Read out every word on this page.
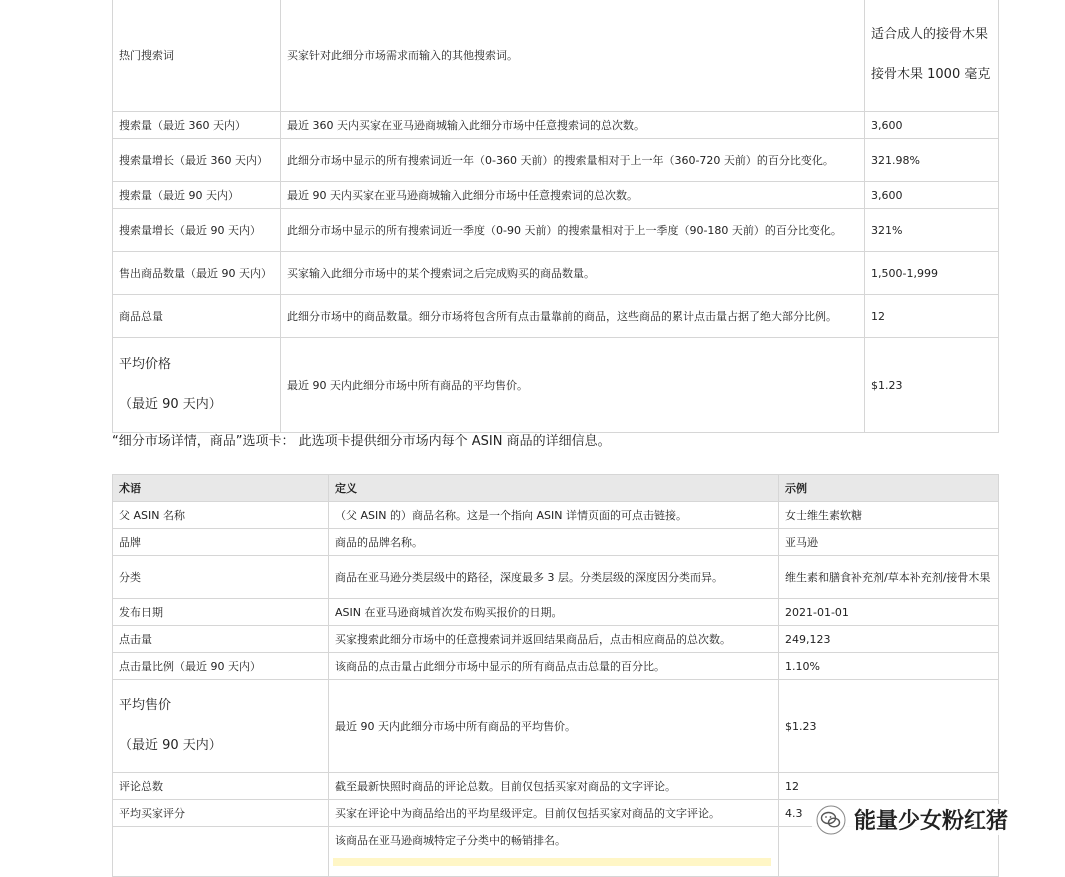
热门搜索词	买家针对此细分市场需求而输入的其他搜索词。	适合成人的接骨木果
接骨木果 1000 毫克

搜索量（最近 360 天内）	最近 360 天内买家在亚马逊商城输入此细分市场中任意搜索词的总次数。	3,600
搜索量增长（最近 360 天内）	此细分市场中显示的所有搜索词近一年（0-360 天前）的搜索量相对于上一年（360-720 天前）的百分比变化。	321.98%
搜索量（最近 90 天内）	最近 90 天内买家在亚马逊商城输入此细分市场中任意搜索词的总次数。	3,600
搜索量增长（最近 90 天内）	此细分市场中显示的所有搜索词近一季度（0-90 天前）的搜索量相对于上一季度（90-180 天前）的百分比变化。	321%
售出商品数量（最近 90 天内）	买家输入此细分市场中的某个搜索词之后完成购买的商品数量。	1,500-1,999
商品总量	此细分市场中的商品数量。细分市场将包含所有点击量靠前的商品，这些商品的累计点击量占据了绝大部分比例。	12

平均价格
（最近 90 天内）	最近 90 天内此细分市场中所有商品的平均售价。	$1.23
“细分市场详情，商品”选项卡： 此选项卡提供细分市场内每个 ASIN 商品的详细信息。
术语	定义	示例
父 ASIN 名称	（父 ASIN 的）商品名称。这是一个指向 ASIN 详情页面的可点击链接。	女士维生素软糖
品牌	商品的品牌名称。	亚马逊
分类	商品在亚马逊分类层级中的路径，深度最多 3 层。分类层级的深度因分类而异。	维生素和膳食补充剂/草本补充剂/接骨木果
发布日期	ASIN 在亚马逊商城首次发布购买报价的日期。	2021-01-01
点击量	买家搜索此细分市场中的任意搜索词并返回结果商品后，点击相应商品的总次数。	249,123
点击量比例（最近 90 天内）	该商品的点击量占此细分市场中显示的所有商品点击总量的百分比。	1.10%

平均售价
（最近 90 天内）	最近 90 天内此细分市场中所有商品的平均售价。	$1.23
评论总数	截至最新快照时商品的评论总数。目前仅包括买家对商品的文字评论。	12
平均买家评分	买家在评论中为商品给出的平均星级评定。目前仅包括买家对商品的文字评论。	4.3
	该商品在亚马逊商城特定子分类中的畅销排名。	
能量少女粉红猪
